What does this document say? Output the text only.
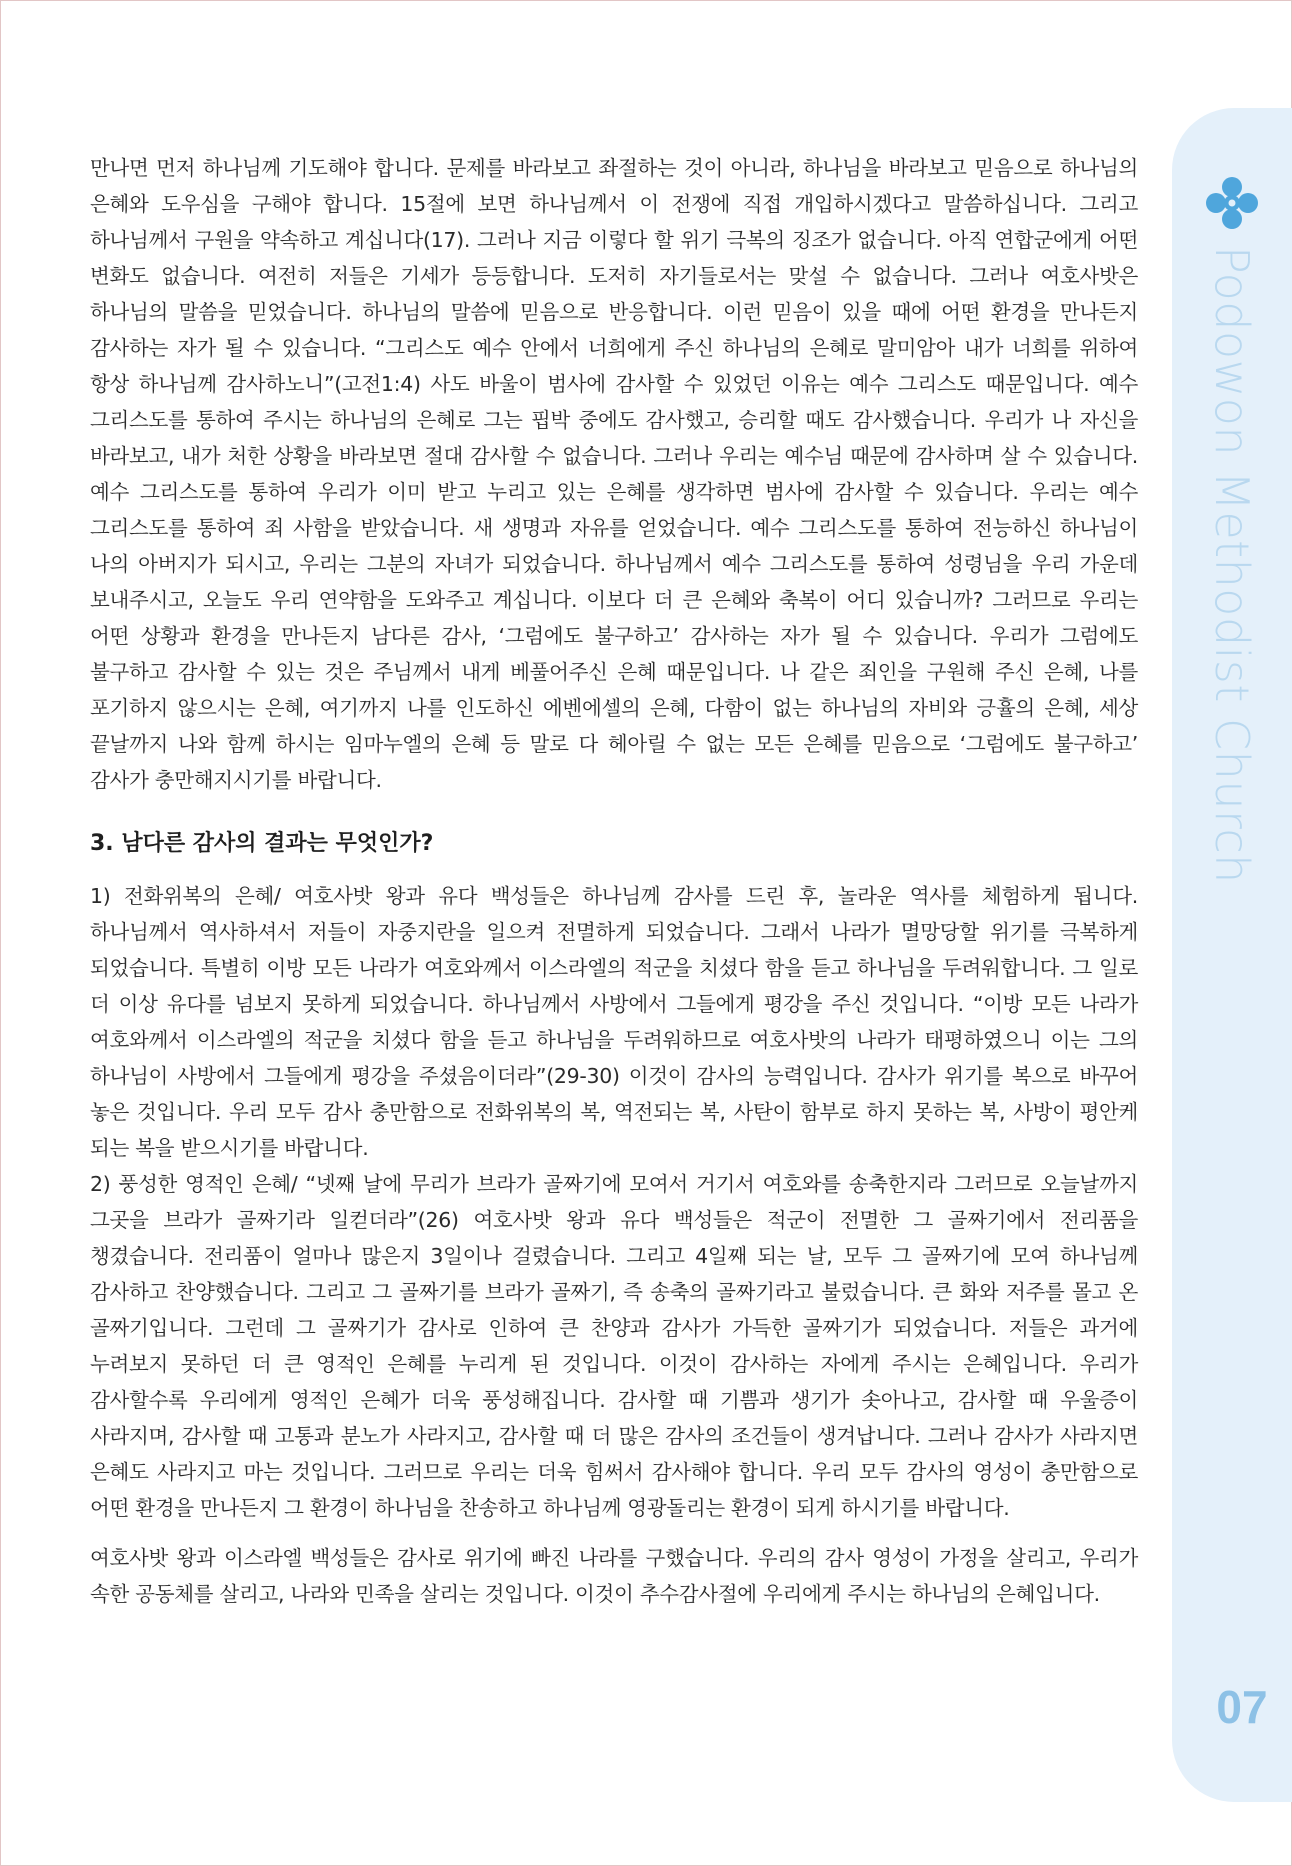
Podowon Methodist Church
07

만나면 먼저 하나님께 기도해야 합니다. 문제를 바라보고 좌절하는 것이 아니라, 하나님을 바라보고 믿음으로 하나님의 은혜와 도우심을 구해야 합니다. 15절에 보면 하나님께서 이 전쟁에 직접 개입하시겠다고 말씀하십니다. 그리고 하나님께서 구원을 약속하고 계십니다(17). 그러나 지금 이렇다 할 위기 극복의 징조가 없습니다. 아직 연합군에게 어떤 변화도 없습니다. 여전히 저들은 기세가 등등합니다. 도저히 자기들로서는 맞설 수 없습니다. 그러나 여호사밧은 하나님의 말씀을 믿었습니다. 하나님의 말씀에 믿음으로 반응합니다. 이런 믿음이 있을 때에 어떤 환경을 만나든지 감사하는 자가 될 수 있습니다. “그리스도 예수 안에서 너희에게 주신 하나님의 은혜로 말미암아 내가 너희를 위하여 항상 하나님께 감사하노니”(고전1:4) 사도 바울이 범사에 감사할 수 있었던 이유는 예수 그리스도 때문입니다. 예수 그리스도를 통하여 주시는 하나님의 은혜로 그는 핍박 중에도 감사했고, 승리할 때도 감사했습니다. 우리가 나 자신을 바라보고, 내가 처한 상황을 바라보면 절대 감사할 수 없습니다. 그러나 우리는 예수님 때문에 감사하며 살 수 있습니다. 예수 그리스도를 통하여 우리가 이미 받고 누리고 있는 은혜를 생각하면 범사에 감사할 수 있습니다. 우리는 예수 그리스도를 통하여 죄 사함을 받았습니다. 새 생명과 자유를 얻었습니다. 예수 그리스도를 통하여 전능하신 하나님이 나의 아버지가 되시고, 우리는 그분의 자녀가 되었습니다. 하나님께서 예수 그리스도를 통하여 성령님을 우리 가운데 보내주시고, 오늘도 우리 연약함을 도와주고 계십니다. 이보다 더 큰 은혜와 축복이 어디 있습니까? 그러므로 우리는 어떤 상황과 환경을 만나든지 남다른 감사, ‘그럼에도 불구하고’ 감사하는 자가 될 수 있습니다. 우리가 그럼에도 불구하고 감사할 수 있는 것은 주님께서 내게 베풀어주신 은혜 때문입니다. 나 같은 죄인을 구원해 주신 은혜, 나를 포기하지 않으시는 은혜, 여기까지 나를 인도하신 에벤에셀의 은혜, 다함이 없는 하나님의 자비와 긍휼의 은혜, 세상 끝날까지 나와 함께 하시는 임마누엘의 은혜 등 말로 다 헤아릴 수 없는 모든 은혜를 믿음으로 ‘그럼에도 불구하고’ 감사가 충만해지시기를 바랍니다.

3. 남다른 감사의 결과는 무엇인가?

1) 전화위복의 은혜/ 여호사밧 왕과 유다 백성들은 하나님께 감사를 드린 후, 놀라운 역사를 체험하게 됩니다. 하나님께서 역사하셔서 저들이 자중지란을 일으켜 전멸하게 되었습니다. 그래서 나라가 멸망당할 위기를 극복하게 되었습니다. 특별히 이방 모든 나라가 여호와께서 이스라엘의 적군을 치셨다 함을 듣고 하나님을 두려워합니다. 그 일로 더 이상 유다를 넘보지 못하게 되었습니다. 하나님께서 사방에서 그들에게 평강을 주신 것입니다. “이방 모든 나라가 여호와께서 이스라엘의 적군을 치셨다 함을 듣고 하나님을 두려워하므로 여호사밧의 나라가 태평하였으니 이는 그의 하나님이 사방에서 그들에게 평강을 주셨음이더라”(29-30) 이것이 감사의 능력입니다. 감사가 위기를 복으로 바꾸어 놓은 것입니다. 우리 모두 감사 충만함으로 전화위복의 복, 역전되는 복, 사탄이 함부로 하지 못하는 복, 사방이 평안케 되는 복을 받으시기를 바랍니다.

2) 풍성한 영적인 은혜/ “넷째 날에 무리가 브라가 골짜기에 모여서 거기서 여호와를 송축한지라 그러므로 오늘날까지 그곳을 브라가 골짜기라 일컫더라”(26) 여호사밧 왕과 유다 백성들은 적군이 전멸한 그 골짜기에서 전리품을 챙겼습니다. 전리품이 얼마나 많은지 3일이나 걸렸습니다. 그리고 4일째 되는 날, 모두 그 골짜기에 모여 하나님께 감사하고 찬양했습니다. 그리고 그 골짜기를 브라가 골짜기, 즉 송축의 골짜기라고 불렀습니다. 큰 화와 저주를 몰고 온 골짜기입니다. 그런데 그 골짜기가 감사로 인하여 큰 찬양과 감사가 가득한 골짜기가 되었습니다. 저들은 과거에 누려보지 못하던 더 큰 영적인 은혜를 누리게 된 것입니다. 이것이 감사하는 자에게 주시는 은혜입니다. 우리가 감사할수록 우리에게 영적인 은혜가 더욱 풍성해집니다. 감사할 때 기쁨과 생기가 솟아나고, 감사할 때 우울증이 사라지며, 감사할 때 고통과 분노가 사라지고, 감사할 때 더 많은 감사의 조건들이 생겨납니다. 그러나 감사가 사라지면 은혜도 사라지고 마는 것입니다. 그러므로 우리는 더욱 힘써서 감사해야 합니다. 우리 모두 감사의 영성이 충만함으로 어떤 환경을 만나든지 그 환경이 하나님을 찬송하고 하나님께 영광돌리는 환경이 되게 하시기를 바랍니다.

여호사밧 왕과 이스라엘 백성들은 감사로 위기에 빠진 나라를 구했습니다. 우리의 감사 영성이 가정을 살리고, 우리가 속한 공동체를 살리고, 나라와 민족을 살리는 것입니다. 이것이 추수감사절에 우리에게 주시는 하나님의 은혜입니다.
